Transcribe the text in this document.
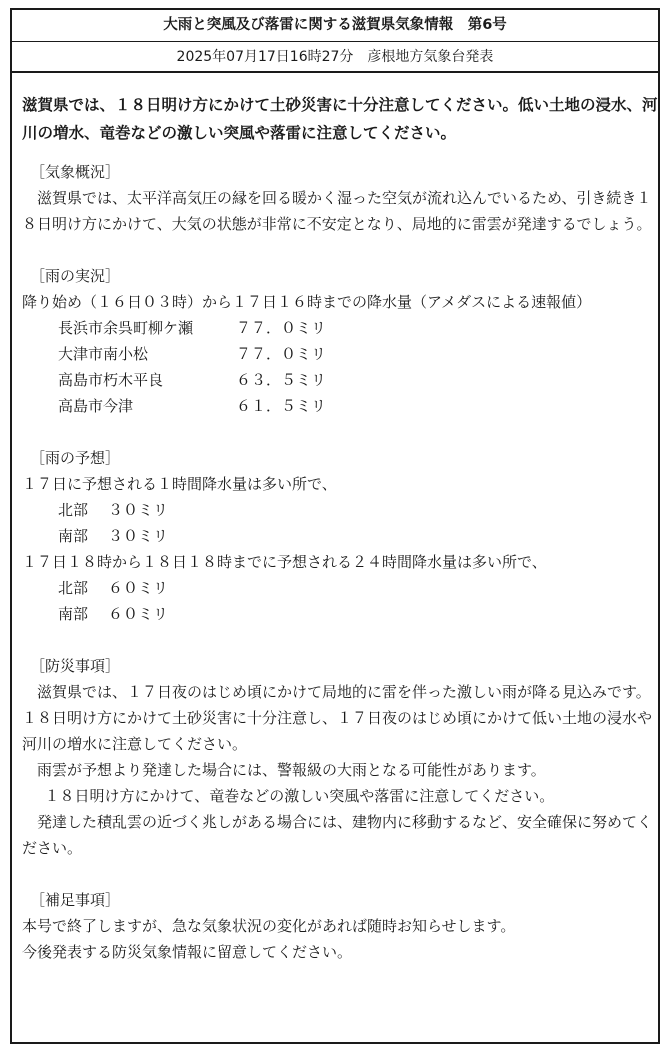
大雨と突風及び落雷に関する滋賀県気象情報　第6号
2025年07月17日16時27分　彦根地方気象台発表

滋賀県では、１８日明け方にかけて土砂災害に十分注意してください。低い土地の浸水、河川の増水、竜巻などの激しい突風や落雷に注意してください。

［気象概況］

滋賀県では、太平洋高気圧の縁を回る暖かく湿った空気が流れ込んでいるため、引き続き１８日明け方にかけて、大気の状態が非常に不安定となり、局地的に雷雲が発達するでしょう。

［雨の実況］

降り始め（１６日０３時）から１７日１６時までの降水量（アメダスによる速報値）

長浜市余呉町柳ケ瀬	７７．０ミリ
大津市南小松	７７．０ミリ
高島市朽木平良	６３．５ミリ
高島市今津	６１．５ミリ

［雨の予想］

１７日に予想される１時間降水量は多い所で、

北部	３０ミリ
南部	３０ミリ

１７日１８時から１８日１８時までに予想される２４時間降水量は多い所で、

北部	６０ミリ
南部	６０ミリ

［防災事項］

滋賀県では、１７日夜のはじめ頃にかけて局地的に雷を伴った激しい雨が降る見込みです。１８日明け方にかけて土砂災害に十分注意し、１７日夜のはじめ頃にかけて低い土地の浸水や河川の増水に注意してください。

雨雲が予想より発達した場合には、警報級の大雨となる可能性があります。

１８日明け方にかけて、竜巻などの激しい突風や落雷に注意してください。

発達した積乱雲の近づく兆しがある場合には、建物内に移動するなど、安全確保に努めてください。

［補足事項］

本号で終了しますが、急な気象状況の変化があれば随時お知らせします。

今後発表する防災気象情報に留意してください。
